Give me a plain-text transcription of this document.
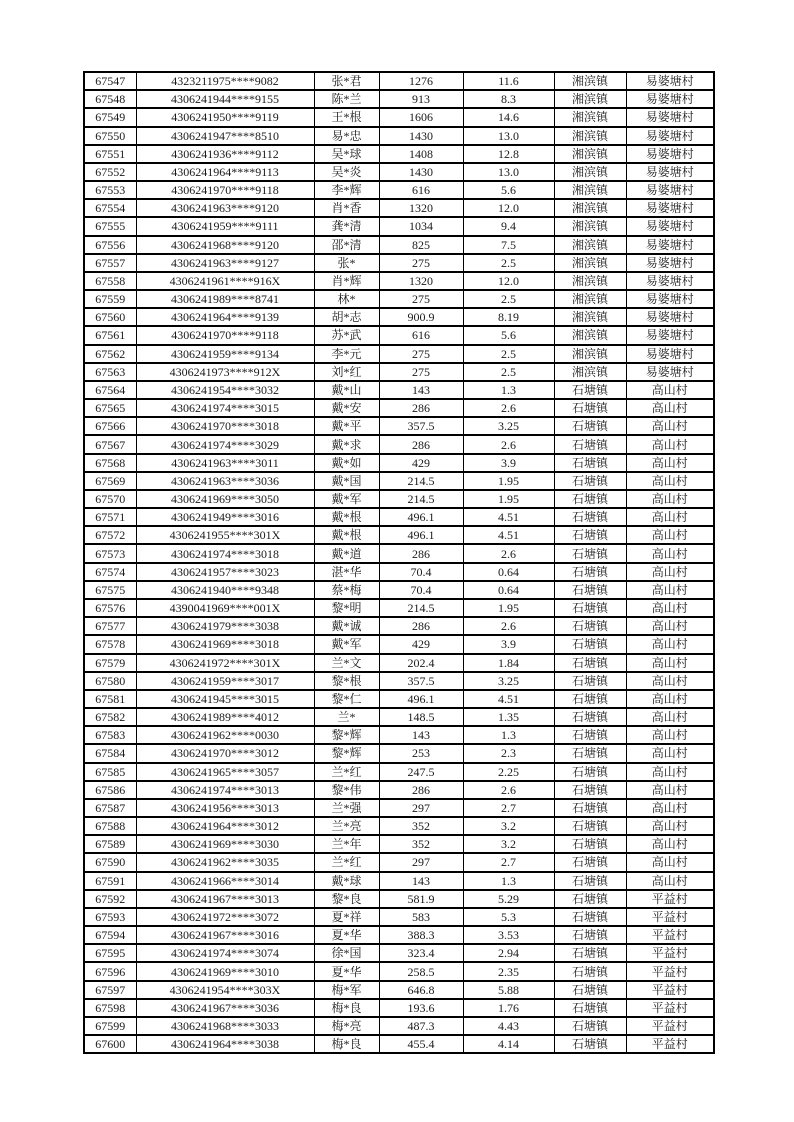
67547	4323211975****9082	张*君	1276	11.6	湘滨镇	易婆塘村
67548	4306241944****9155	陈*兰	913	8.3	湘滨镇	易婆塘村
67549	4306241950****9119	王*根	1606	14.6	湘滨镇	易婆塘村
67550	4306241947****8510	易*忠	1430	13.0	湘滨镇	易婆塘村
67551	4306241936****9112	吴*球	1408	12.8	湘滨镇	易婆塘村
67552	4306241964****9113	吴*炎	1430	13.0	湘滨镇	易婆塘村
67553	4306241970****9118	李*辉	616	5.6	湘滨镇	易婆塘村
67554	4306241963****9120	肖*香	1320	12.0	湘滨镇	易婆塘村
67555	4306241959****9111	龚*清	1034	9.4	湘滨镇	易婆塘村
67556	4306241968****9120	邵*清	825	7.5	湘滨镇	易婆塘村
67557	4306241963****9127	张*	275	2.5	湘滨镇	易婆塘村
67558	4306241961****916X	肖*辉	1320	12.0	湘滨镇	易婆塘村
67559	4306241989****8741	林*	275	2.5	湘滨镇	易婆塘村
67560	4306241964****9139	胡*志	900.9	8.19	湘滨镇	易婆塘村
67561	4306241970****9118	苏*武	616	5.6	湘滨镇	易婆塘村
67562	4306241959****9134	李*元	275	2.5	湘滨镇	易婆塘村
67563	4306241973****912X	刘*红	275	2.5	湘滨镇	易婆塘村
67564	4306241954****3032	戴*山	143	1.3	石塘镇	高山村
67565	4306241974****3015	戴*安	286	2.6	石塘镇	高山村
67566	4306241970****3018	戴*平	357.5	3.25	石塘镇	高山村
67567	4306241974****3029	戴*求	286	2.6	石塘镇	高山村
67568	4306241963****3011	戴*如	429	3.9	石塘镇	高山村
67569	4306241963****3036	戴*国	214.5	1.95	石塘镇	高山村
67570	4306241969****3050	戴*军	214.5	1.95	石塘镇	高山村
67571	4306241949****3016	戴*根	496.1	4.51	石塘镇	高山村
67572	4306241955****301X	戴*根	496.1	4.51	石塘镇	高山村
67573	4306241974****3018	戴*道	286	2.6	石塘镇	高山村
67574	4306241957****3023	湛*华	70.4	0.64	石塘镇	高山村
67575	4306241940****9348	蔡*梅	70.4	0.64	石塘镇	高山村
67576	4390041969****001X	黎*明	214.5	1.95	石塘镇	高山村
67577	4306241979****3038	戴*诚	286	2.6	石塘镇	高山村
67578	4306241969****3018	戴*军	429	3.9	石塘镇	高山村
67579	4306241972****301X	兰*文	202.4	1.84	石塘镇	高山村
67580	4306241959****3017	黎*根	357.5	3.25	石塘镇	高山村
67581	4306241945****3015	黎*仁	496.1	4.51	石塘镇	高山村
67582	4306241989****4012	兰*	148.5	1.35	石塘镇	高山村
67583	4306241962****0030	黎*辉	143	1.3	石塘镇	高山村
67584	4306241970****3012	黎*辉	253	2.3	石塘镇	高山村
67585	4306241965****3057	兰*红	247.5	2.25	石塘镇	高山村
67586	4306241974****3013	黎*伟	286	2.6	石塘镇	高山村
67587	4306241956****3013	兰*强	297	2.7	石塘镇	高山村
67588	4306241964****3012	兰*亮	352	3.2	石塘镇	高山村
67589	4306241969****3030	兰*年	352	3.2	石塘镇	高山村
67590	4306241962****3035	兰*红	297	2.7	石塘镇	高山村
67591	4306241966****3014	戴*球	143	1.3	石塘镇	高山村
67592	4306241967****3013	黎*良	581.9	5.29	石塘镇	平益村
67593	4306241972****3072	夏*祥	583	5.3	石塘镇	平益村
67594	4306241967****3016	夏*华	388.3	3.53	石塘镇	平益村
67595	4306241974****3074	徐*国	323.4	2.94	石塘镇	平益村
67596	4306241969****3010	夏*华	258.5	2.35	石塘镇	平益村
67597	4306241954****303X	梅*军	646.8	5.88	石塘镇	平益村
67598	4306241967****3036	梅*良	193.6	1.76	石塘镇	平益村
67599	4306241968****3033	梅*亮	487.3	4.43	石塘镇	平益村
67600	4306241964****3038	梅*良	455.4	4.14	石塘镇	平益村
